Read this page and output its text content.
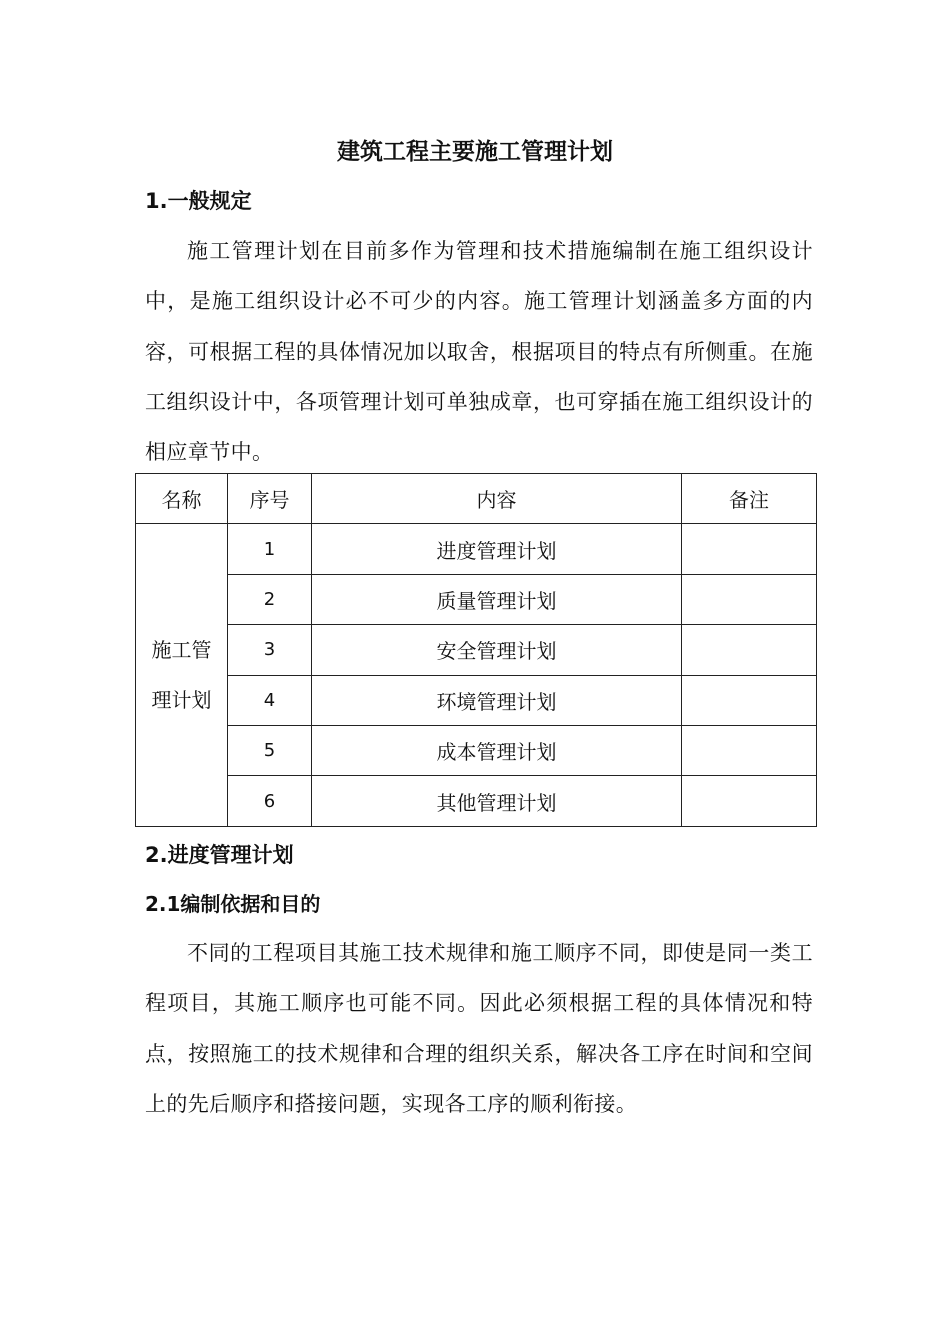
建筑工程主要施工管理计划
1.一般规定

施工管理计划在目前多作为管理和技术措施编制在施工组织设计中，是施工组织设计必不可少的内容。施工管理计划涵盖多方面的内容，可根据工程的具体情况加以取舍，根据项目的特点有所侧重。在施工组织设计中，各项管理计划可单独成章，也可穿插在施工组织设计的相应章节中。

名称	序号	内容	备注

施工管
理计划	1	进度管理计划	
	2	质量管理计划	
	3	安全管理计划	
	4	环境管理计划	
	5	成本管理计划	
	6	其他管理计划	
2.进度管理计划
2.1编制依据和目的

不同的工程项目其施工技术规律和施工顺序不同，即使是同一类工程项目，其施工顺序也可能不同。因此必须根据工程的具体情况和特点，按照施工的技术规律和合理的组织关系，解决各工序在时间和空间上的先后顺序和搭接问题，实现各工序的顺利衔接。
